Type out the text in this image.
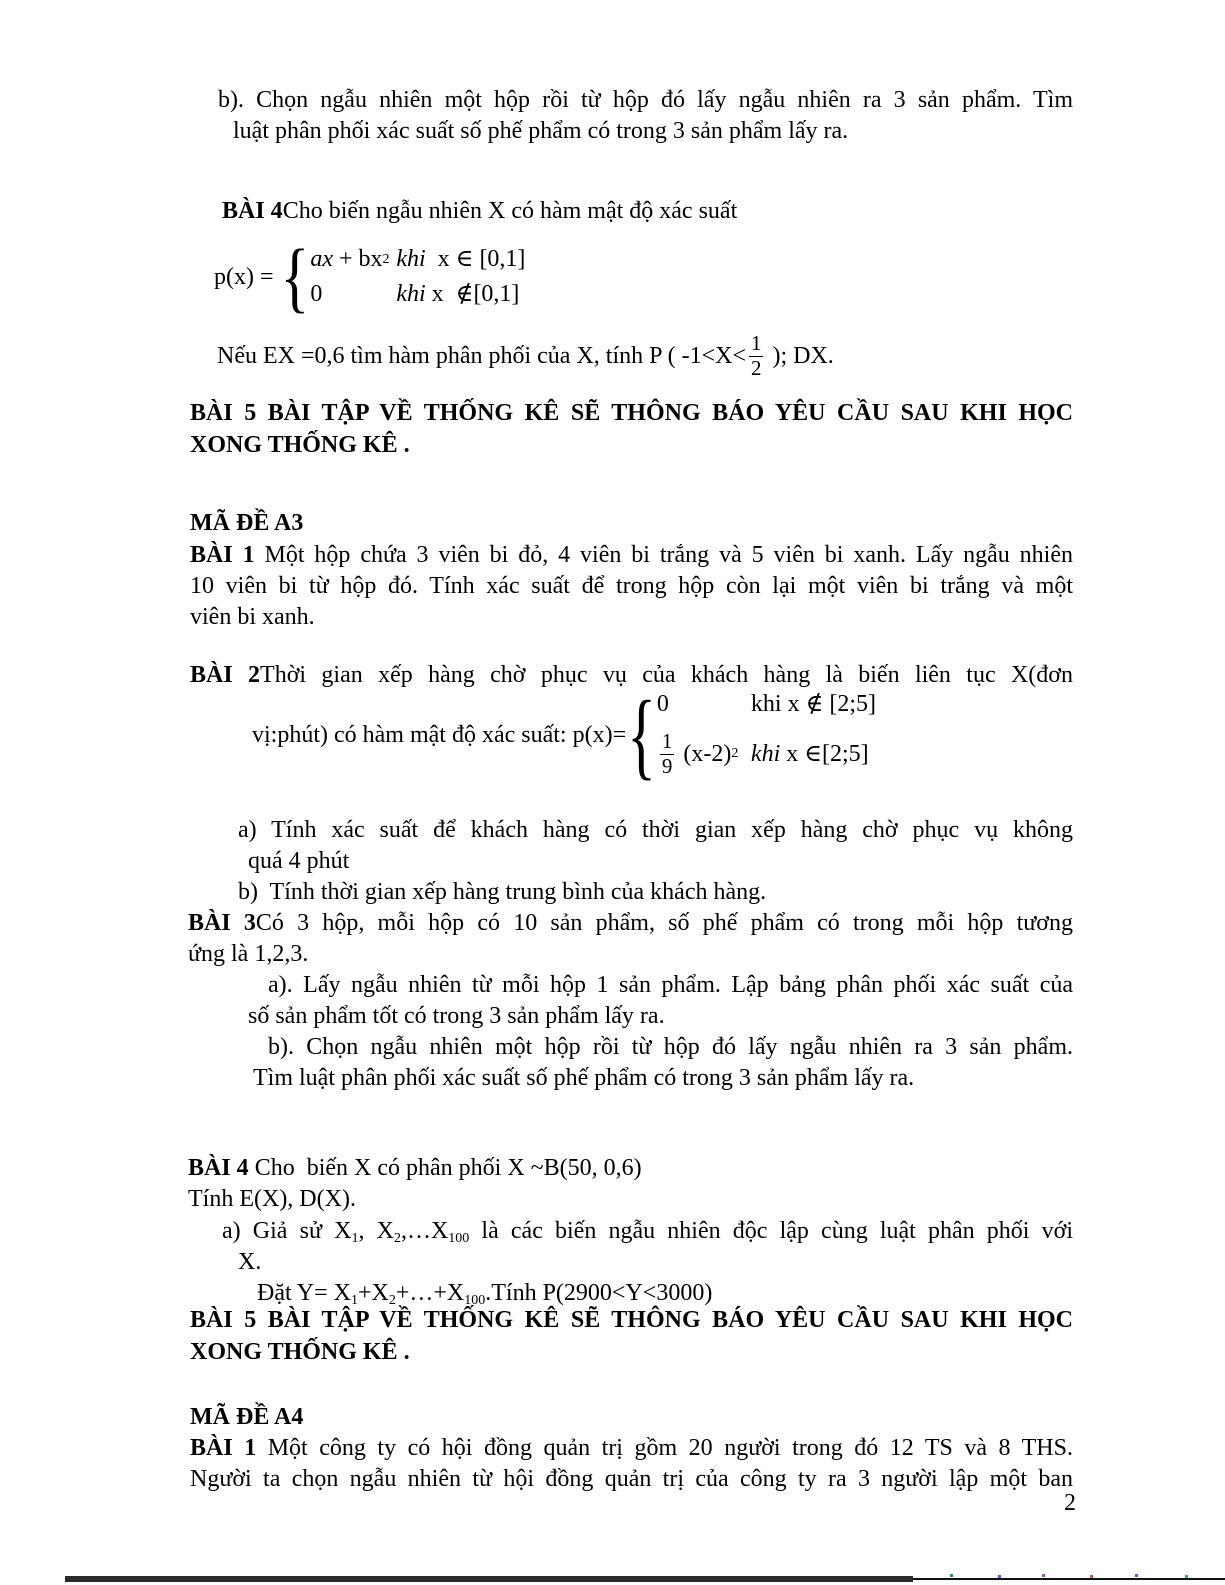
b). Chọn ngẫu nhiên một hộp rồi từ hộp đó lấy ngẫu nhiên ra 3 sản phẩm. Tìm
luật phân phối xác suất số phế phẩm có trong 3 sản phẩm lấy ra.
BÀI 4Cho biến ngẫu nhiên X có hàm mật độ xác suất
p(x) = { ax + bx 2 khi  x ∈ [0,1]
0	khi x  ∉[0,1]
Nếu EX =0,6 tìm hàm phân phối của X, tính P ( $-1<X< \frac{1}{2}$ ); DX.
BÀI 5 BÀI TẬP VỀ THỐNG KÊ SẼ THÔNG BÁO YÊU CẦU SAU KHI HỌC
XONG THỐNG KÊ .
MÃ ĐỀ A3
BÀI 1 Một hộp chứa 3 viên bi đỏ, 4 viên bi trắng và 5 viên bi xanh. Lấy ngẫu nhiên
10 viên bi từ hộp đó. Tính xác suất để trong hộp còn lại một viên bi trắng và một
viên bi xanh.
BÀI 2Thời gian xếp hàng chờ phục vụ của khách hàng là biến liên tục X(đơn
vị:phút) có hàm mật độ xác suất: p(x)= { 0	khi x ∉ [2;5]
$\frac{1}{9} (x-2)$ 2 khi x ∈[2;5]
a) Tính xác suất để khách hàng có thời gian xếp hàng chờ phục vụ không
quá 4 phút
b)  Tính thời gian xếp hàng trung bình của khách hàng.
BÀI 3Có 3 hộp, mỗi hộp có 10 sản phẩm, số phế phẩm có trong mỗi hộp tương
ứng là 1,2,3.
a). Lấy ngẫu nhiên từ mỗi hộp 1 sản phẩm. Lập bảng phân phối xác suất của
số sản phẩm tốt có trong 3 sản phẩm lấy ra.
b). Chọn ngẫu nhiên một hộp rồi từ hộp đó lấy ngẫu nhiên ra 3 sản phẩm.
Tìm luật phân phối xác suất số phế phẩm có trong 3 sản phẩm lấy ra.
BÀI 4 Cho  biến X có phân phối X ~B(50, 0,6)
Tính E(X), D(X).
a) Giả sử $X_1$, $X_2,\dots X_{100}$ là các biến ngẫu nhiên độc lập cùng luật phân phối với
X.
Đặt $Y= X_1+X_2+\dots+X_{100}.Tính$ P(2900<Y<3000)
BÀI 5 BÀI TẬP VỀ THỐNG KÊ SẼ THÔNG BÁO YÊU CẦU SAU KHI HỌC
XONG THỐNG KÊ .
MÃ ĐỀ A4
BÀI 1 Một công ty có hội đồng quản trị gồm 20 người trong đó 12 TS và 8 THS.
Người ta chọn ngẫu nhiên từ hội đồng quản trị của công ty ra 3 người lập một ban
2
